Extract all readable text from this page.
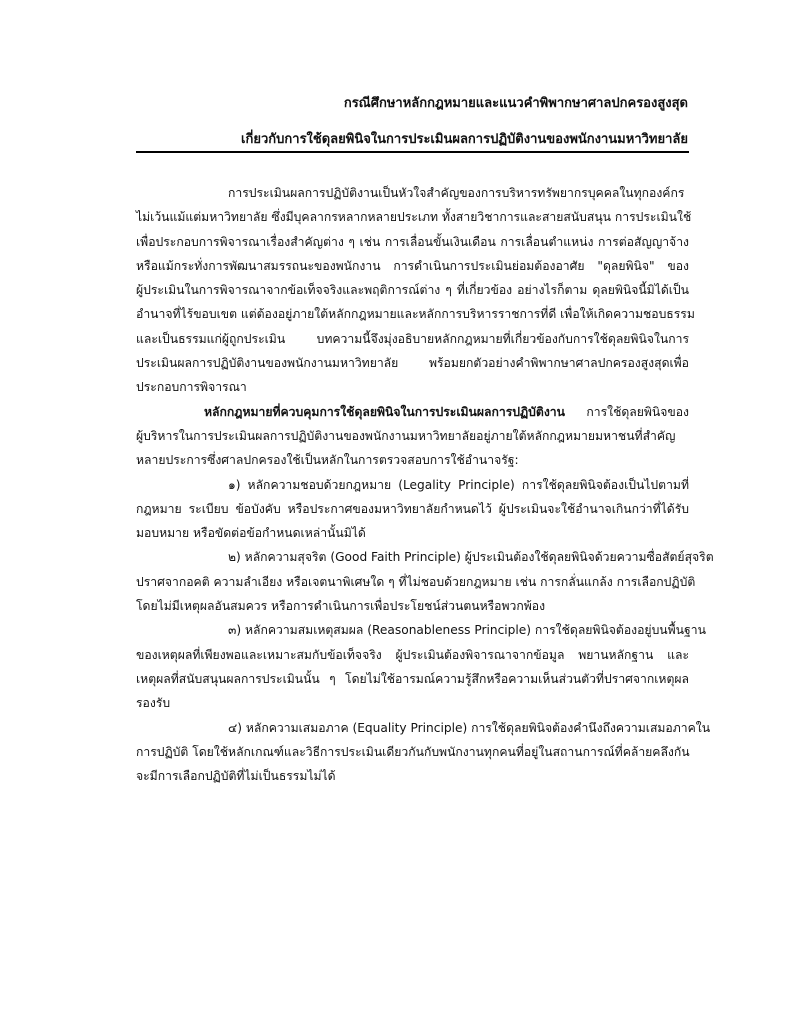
กรณีศึกษาหลักกฎหมายและแนวคำพิพากษาศาลปกครองสูงสุด
เกี่ยวกับการใช้ดุลยพินิจในการประเมินผลการปฏิบัติงานของพนักงานมหาวิทยาลัย

การประเมินผลการปฏิบัติงานเป็นหัวใจสำคัญของการบริหารทรัพยากรบุคคลในทุกองค์กร
ไม่เว้นแม้แต่มหาวิทยาลัย ซึ่งมีบุคลากรหลากหลายประเภท ทั้งสายวิชาการและสายสนับสนุน การประเมินใช้
เพื่อประกอบการพิจารณาเรื่องสำคัญต่าง ๆ เช่น การเลื่อนขั้นเงินเดือน การเลื่อนตำแหน่ง การต่อสัญญาจ้าง
หรือแม้กระทั่งการพัฒนาสมรรถนะของพนักงาน การดำเนินการประเมินย่อมต้องอาศัย "ดุลยพินิจ" ของ
ผู้ประเมินในการพิจารณาจากข้อเท็จจริงและพฤติการณ์ต่าง ๆ ที่เกี่ยวข้อง อย่างไรก็ตาม ดุลยพินิจนี้มิได้เป็น
อำนาจที่ไร้ขอบเขต แต่ต้องอยู่ภายใต้หลักกฎหมายและหลักการบริหารราชการที่ดี เพื่อให้เกิดความชอบธรรม
และเป็นธรรมแก่ผู้ถูกประเมิน บทความนี้จึงมุ่งอธิบายหลักกฎหมายที่เกี่ยวข้องกับการใช้ดุลยพินิจในการ
ประเมินผลการปฏิบัติงานของพนักงานมหาวิทยาลัย พร้อมยกตัวอย่างคำพิพากษาศาลปกครองสูงสุดเพื่อ
ประกอบการพิจารณา

หลักกฎหมายที่ควบคุมการใช้ดุลยพินิจในการประเมินผลการปฏิบัติงาน การใช้ดุลยพินิจของ
ผู้บริหารในการประเมินผลการปฏิบัติงานของพนักงานมหาวิทยาลัยอยู่ภายใต้หลักกฎหมายมหาชนที่สำคัญ
หลายประการซึ่งศาลปกครองใช้เป็นหลักในการตรวจสอบการใช้อำนาจรัฐ:

๑) หลักความชอบด้วยกฎหมาย (Legality Principle) การใช้ดุลยพินิจต้องเป็นไปตามที่
กฎหมาย ระเบียบ ข้อบังคับ หรือประกาศของมหาวิทยาลัยกำหนดไว้ ผู้ประเมินจะใช้อำนาจเกินกว่าที่ได้รับ
มอบหมาย หรือขัดต่อข้อกำหนดเหล่านั้นมิได้

๒) หลักความสุจริต (Good Faith Principle) ผู้ประเมินต้องใช้ดุลยพินิจด้วยความซื่อสัตย์สุจริต
ปราศจากอคติ ความลำเอียง หรือเจตนาพิเศษใด ๆ ที่ไม่ชอบด้วยกฎหมาย เช่น การกลั่นแกล้ง การเลือกปฏิบัติ
โดยไม่มีเหตุผลอันสมควร หรือการดำเนินการเพื่อประโยชน์ส่วนตนหรือพวกพ้อง

๓) หลักความสมเหตุสมผล (Reasonableness Principle) การใช้ดุลยพินิจต้องอยู่บนพื้นฐาน
ของเหตุผลที่เพียงพอและเหมาะสมกับข้อเท็จจริง ผู้ประเมินต้องพิจารณาจากข้อมูล พยานหลักฐาน และ
เหตุผลที่สนับสนุนผลการประเมินนั้น ๆ โดยไม่ใช้อารมณ์ความรู้สึกหรือความเห็นส่วนตัวที่ปราศจากเหตุผล
รองรับ

๔) หลักความเสมอภาค (Equality Principle) การใช้ดุลยพินิจต้องคำนึงถึงความเสมอภาคใน
การปฏิบัติ โดยใช้หลักเกณฑ์และวิธีการประเมินเดียวกันกับพนักงานทุกคนที่อยู่ในสถานการณ์ที่คล้ายคลึงกัน
จะมีการเลือกปฏิบัติที่ไม่เป็นธรรมไม่ได้
